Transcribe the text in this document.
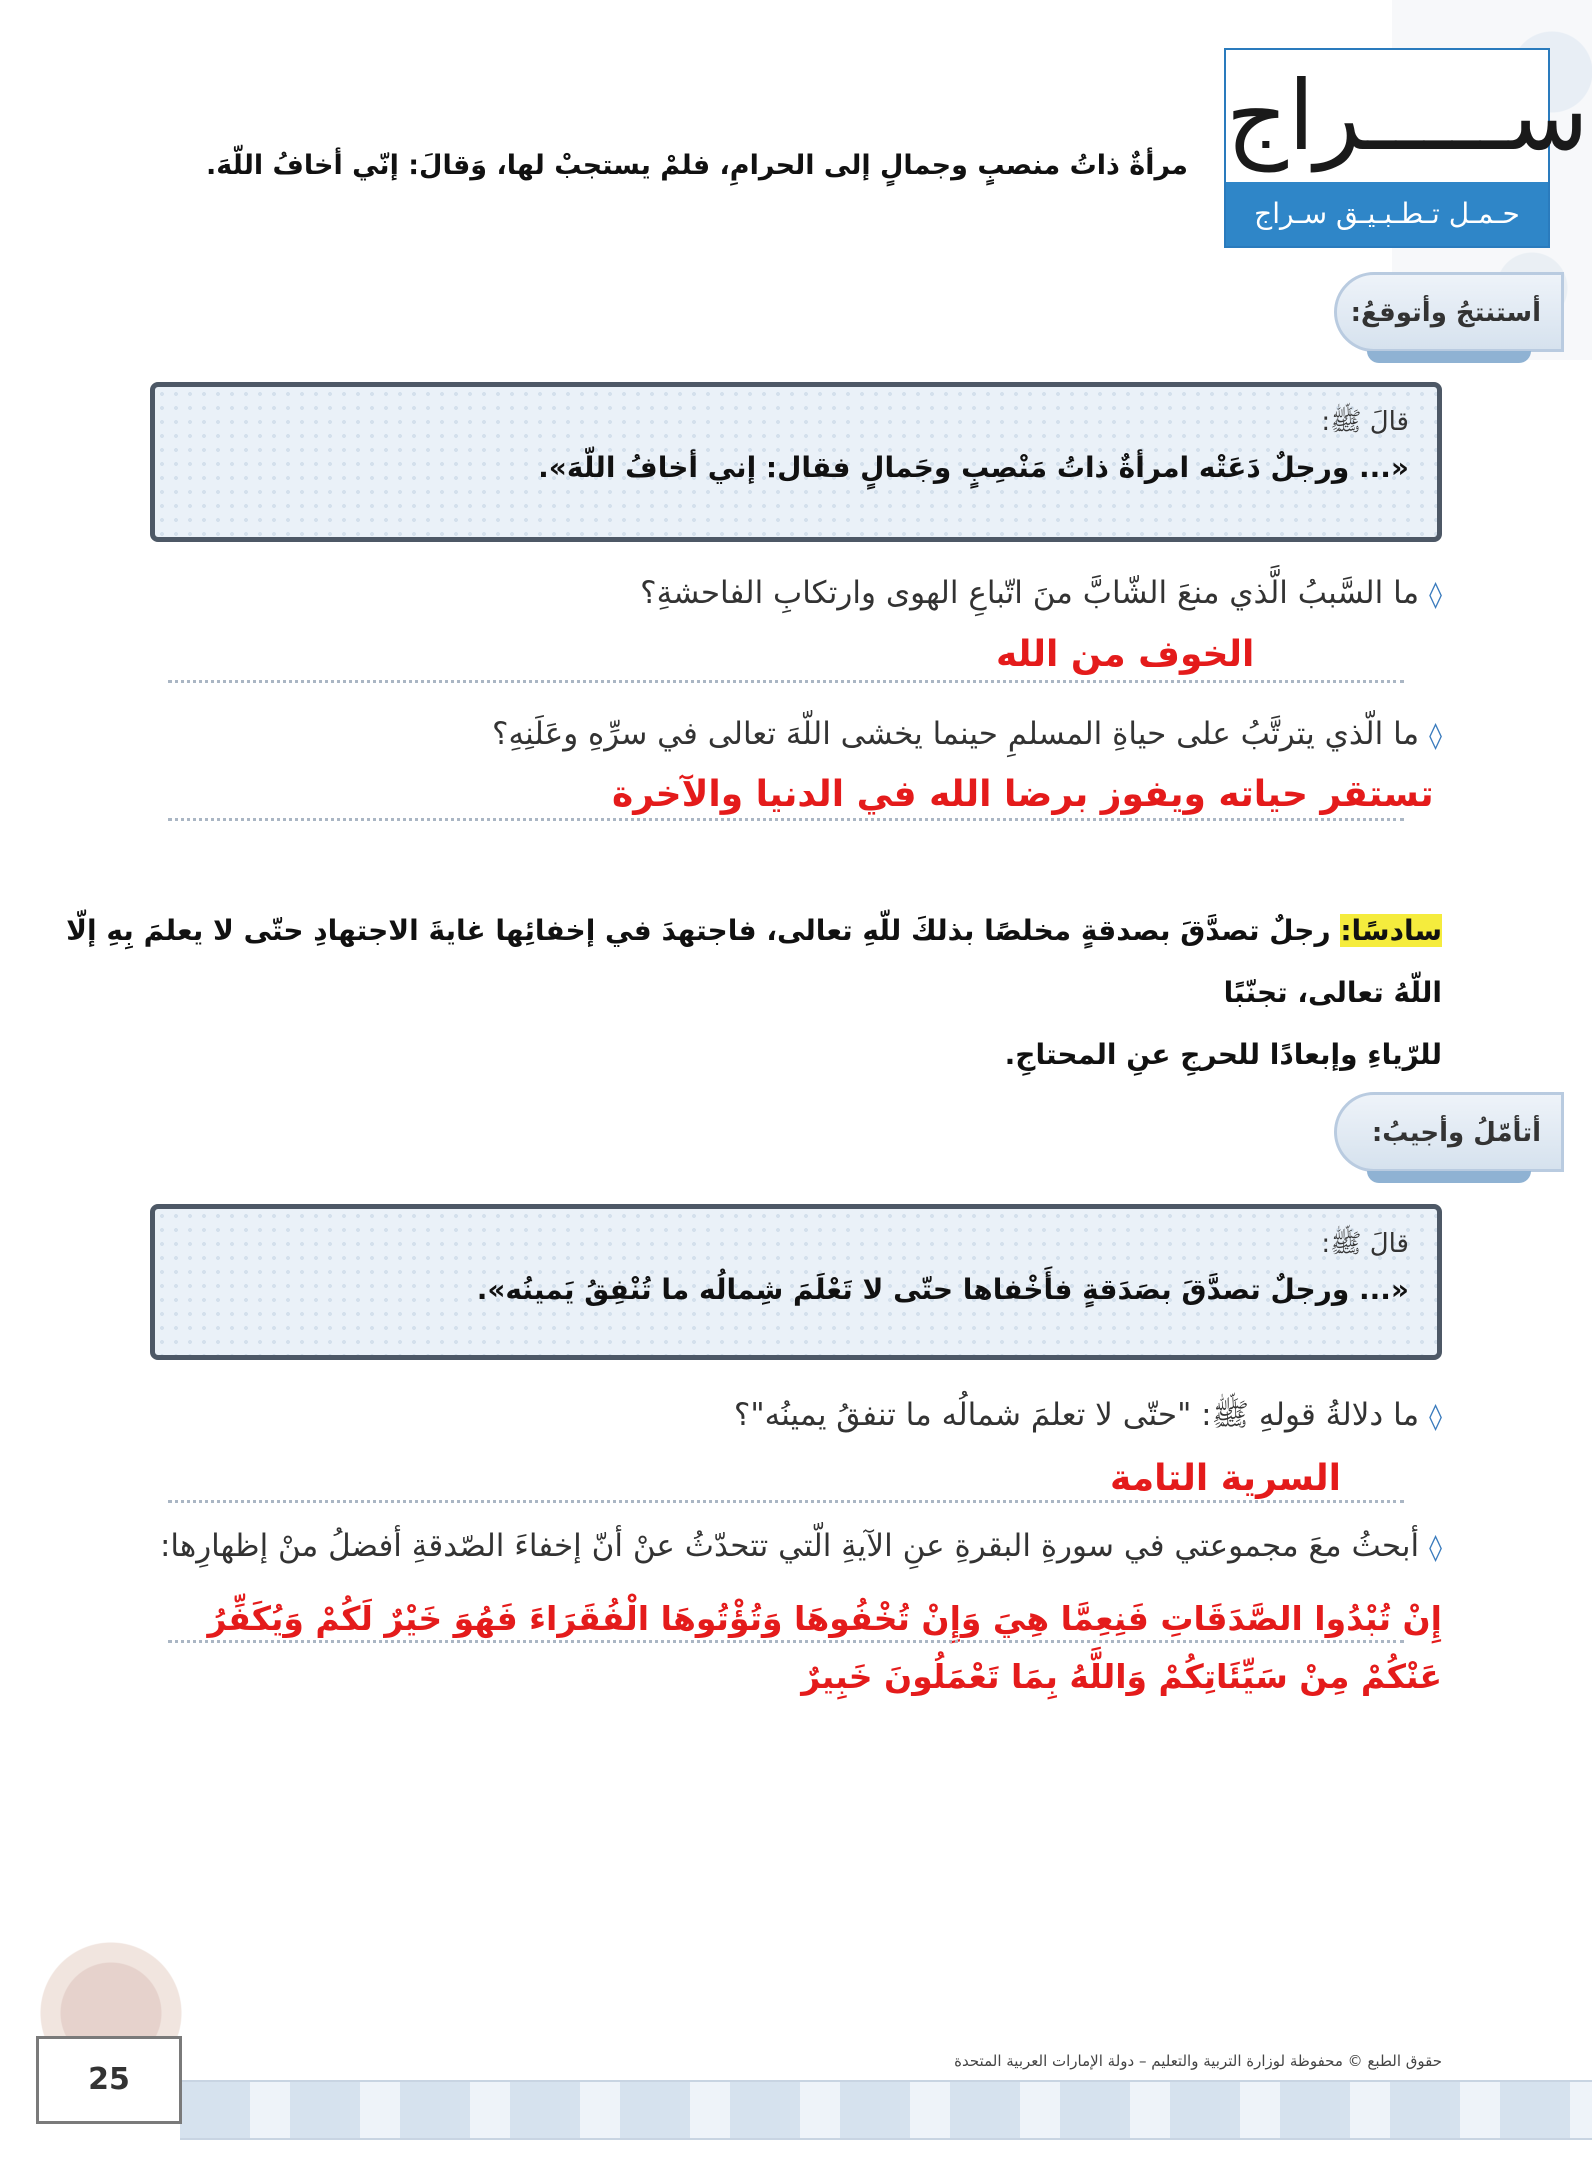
ســـــراج
حـمـل تـطـبـيـق سـراج
مرأةٌ ذاتُ منصبٍ وجمالٍ إلى الحرامِ، فلمْ يستجبْ لها، وَقالَ: إنّي أخافُ اللّهَ.
أستنتجُ وأتوقعُ:
قالَ ﷺ:
«... ورجلٌ دَعَتْه امرأةٌ ذاتُ مَنْصِبٍ وجَمالٍ فقال: إني أخافُ اللّهَ».
◊ما السَّببُ الَّذي منعَ الشّابَّ منَ اتّباعِ الهوى وارتكابِ الفاحشةِ؟
الخوف من الله
◊ما الّذي يترتَّبُ على حياةِ المسلمِ حينما يخشى اللّهَ تعالى في سرِّهِ وعَلَنِهِ؟
تستقر حياته ويفوز برضا الله في الدنيا والآخرة
سادسًا: رجلٌ تصدَّقَ بصدقةٍ مخلصًا بذلكَ للّهِ تعالى، فاجتهدَ في إخفائِها غايةَ الاجتهادِ حتّى لا يعلمَ بِهِ إلّا اللّهُ تعالى، تجنّبًا
للرّياءِ وإبعادًا للحرجِ عنِ المحتاجِ.
أتأمّلُ وأجيبُ:
قالَ ﷺ:
«... ورجلٌ تصدَّقَ بصَدَقةٍ فأَخْفاها حتّى لا تَعْلَمَ شِمالُه ما تُنْفِقُ يَمينُه».
◊ما دلالةُ قولهِ ﷺ: "حتّى لا تعلمَ شمالُه ما تنفقُ يمينُه"؟
السرية التامة
◊أبحثُ معَ مجموعتي في سورةِ البقرةِ عنِ الآيةِ الّتي تتحدّثُ عنْ أنّ إخفاءَ الصّدقةِ أفضلُ منْ إظهارِها:
إِنْ تُبْدُوا الصَّدَقَاتِ فَنِعِمَّا هِيَ وَإِنْ تُخْفُوهَا وَتُؤْتُوهَا الْفُقَرَاءَ فَهُوَ خَيْرٌ لَكُمْ وَيُكَفِّرُ
عَنْكُمْ مِنْ سَيِّئَاتِكُمْ وَاللَّهُ بِمَا تَعْمَلُونَ خَبِيرٌ
حقوق الطبع © محفوظة لوزارة التربية والتعليم – دولة الإمارات العربية المتحدة
25
